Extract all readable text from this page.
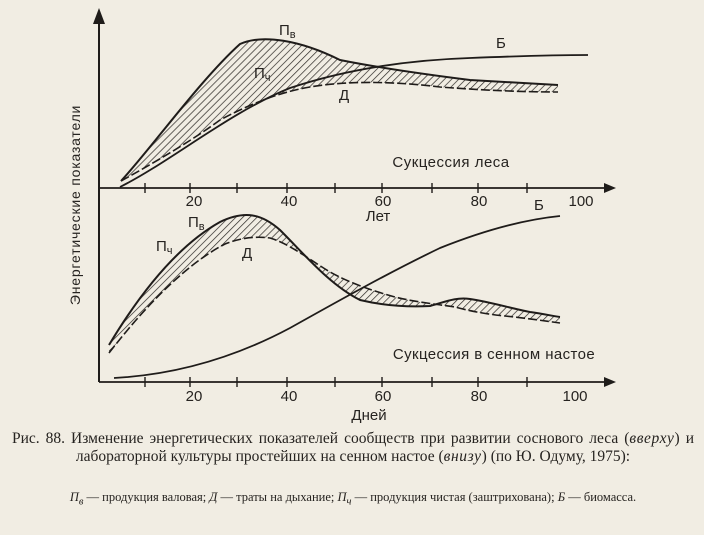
Энергетические показатели	20	40	60	80	100
Лет
Сукцессия леса
$П_в$
$П_ч$
Д
Б
20	40	60	80	100
Дней
Сукцессия в сенном настое
$П_в$
$П_ч$	Д
Б
Рис. 88. Изменение энергетических показателей сообществ при развитии соснового леса (вверху) и лабораторной культуры простейших на сенном настое (внизу) (по Ю. Одуму, 1975):
$П_в$ — продукция валовая; Д — траты на дыхание; $П_ч$ — продукция чистая (заштрихована); Б — биомасса.
